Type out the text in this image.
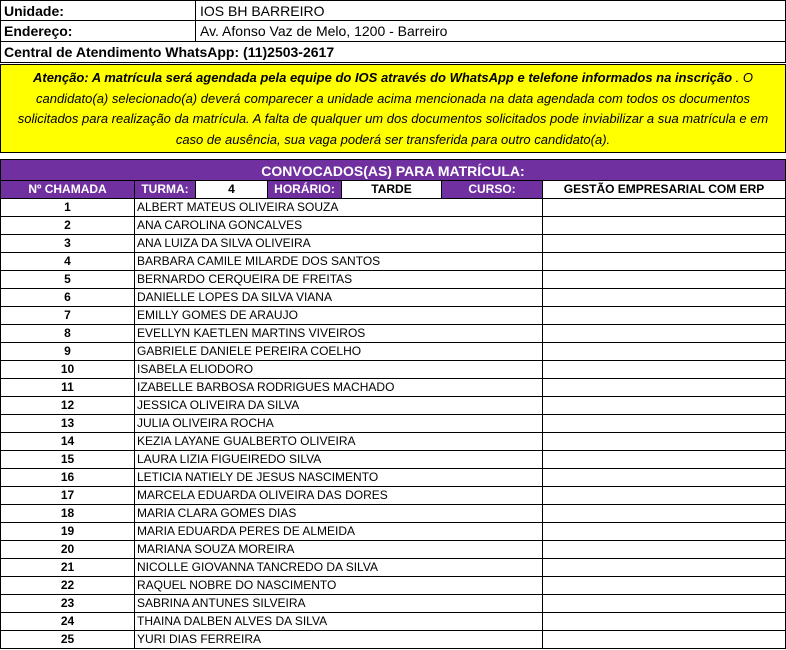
Unidade:	IOS BH BARREIRO
Endereço:	Av. Afonso Vaz de Melo, 1200 - Barreiro
Central de Atendimento WhatsApp: (11)2503-2617
Atenção: A matrícula será agendada pela equipe do IOS através do WhatsApp e telefone informados na inscrição . O candidato(a) selecionado(a) deverá comparecer a unidade acima mencionada na data agendada com todos os documentos solicitados para realização da matrícula. A falta de qualquer um dos documentos solicitados pode inviabilizar a sua matrícula e em caso de ausência, sua vaga poderá ser transferida para outro candidato(a).
CONVOCADOS(AS) PARA MATRÍCULA:
Nº CHAMADA	TURMA:	4	HORÁRIO:	TARDE	CURSO:	GESTÃO EMPRESARIAL COM ERP
1	ALBERT MATEUS OLIVEIRA SOUZA
2	ANA CAROLINA GONCALVES
3	ANA LUIZA DA SILVA OLIVEIRA
4	BARBARA CAMILE MILARDE DOS SANTOS
5	BERNARDO CERQUEIRA DE FREITAS
6	DANIELLE LOPES DA SILVA VIANA
7	EMILLY GOMES DE ARAUJO
8	EVELLYN KAETLEN MARTINS VIVEIROS
9	GABRIELE DANIELE PEREIRA COELHO
10	ISABELA ELIODORO
11	IZABELLE BARBOSA RODRIGUES MACHADO
12	JESSICA OLIVEIRA DA SILVA
13	JULIA OLIVEIRA ROCHA
14	KEZIA LAYANE GUALBERTO OLIVEIRA
15	LAURA LIZIA FIGUEIREDO SILVA
16	LETICIA NATIELY DE JESUS NASCIMENTO
17	MARCELA EDUARDA OLIVEIRA DAS DORES
18	MARIA CLARA GOMES DIAS
19	MARIA EDUARDA PERES DE ALMEIDA
20	MARIANA SOUZA MOREIRA
21	NICOLLE GIOVANNA TANCREDO DA SILVA
22	RAQUEL NOBRE DO NASCIMENTO
23	SABRINA ANTUNES SILVEIRA
24	THAINA DALBEN ALVES DA SILVA
25	YURI DIAS FERREIRA
